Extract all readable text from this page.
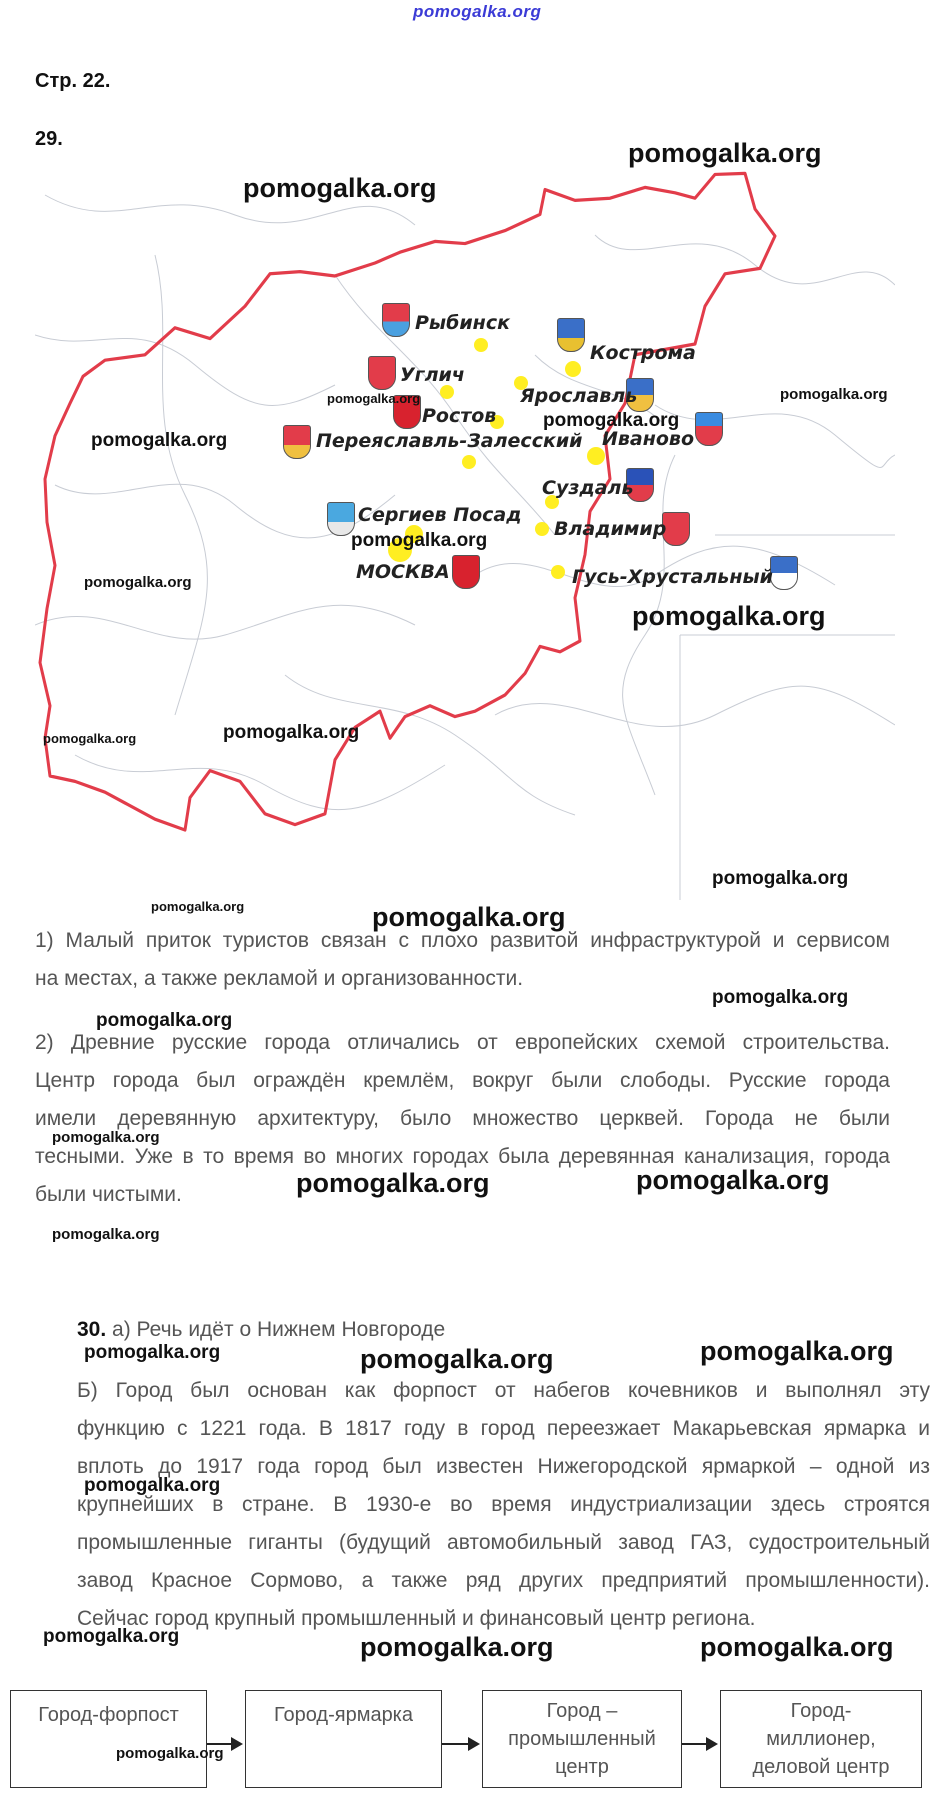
pomogalka.org
Стр. 22.
29.
Рыбинск
Кострома
Углич
Ярославль
Ростов
Иваново
Переяславль-Залесский
Суздаль
Сергиев Посад
Владимир
МОСКВА	Гусь-Хрустальный
1) Малый приток туристов связан с плохо развитой инфраструктурой и сервисом
на местах, а также рекламой и организованности.
2) Древние русские города отличались от европейских схемой строительства.
Центр города был ограждён кремлём, вокруг были слободы. Русские города
имели деревянную архитектуру, было множество церквей. Города не были
тесными. Уже в то время во многих городах была деревянная канализация, города
были чистыми.
30. а) Речь идёт о Нижнем Новгороде
Б) Город был основан как форпост от набегов кочевников и выполнял эту
функцию с 1221 года. В 1817 году в город переезжает Макарьевская ярмарка и
вплоть до 1917 года город был известен Нижегородской ярмаркой – одной из
крупнейших в стране. В 1930-е во время индустриализации здесь строятся
промышленные гиганты (будущий автомобильный завод ГАЗ, судостроительный
завод Красное Сормово, а также ряд других предприятий промышленности).
Сейчас город крупный промышленный и финансовый центр региона.
Город-форпост	Город-ярмарка	Город –
промышленный
центр
Город-
миллионер,
деловой центр
pomogalka.org
pomogalka.org
pomogalka.org	pomogalka.org
pomogalka.org
pomogalka.org
pomogalka.org
pomogalka.org
pomogalka.org
pomogalka.org	pomogalka.org
pomogalka.org
pomogalka.org	pomogalka.org
pomogalka.org
pomogalka.org
pomogalka.org
pomogalka.org	pomogalka.org
pomogalka.org
pomogalka.org	pomogalka.org	pomogalka.org
pomogalka.org
pomogalka.org	pomogalka.org	pomogalka.org
pomogalka.org
